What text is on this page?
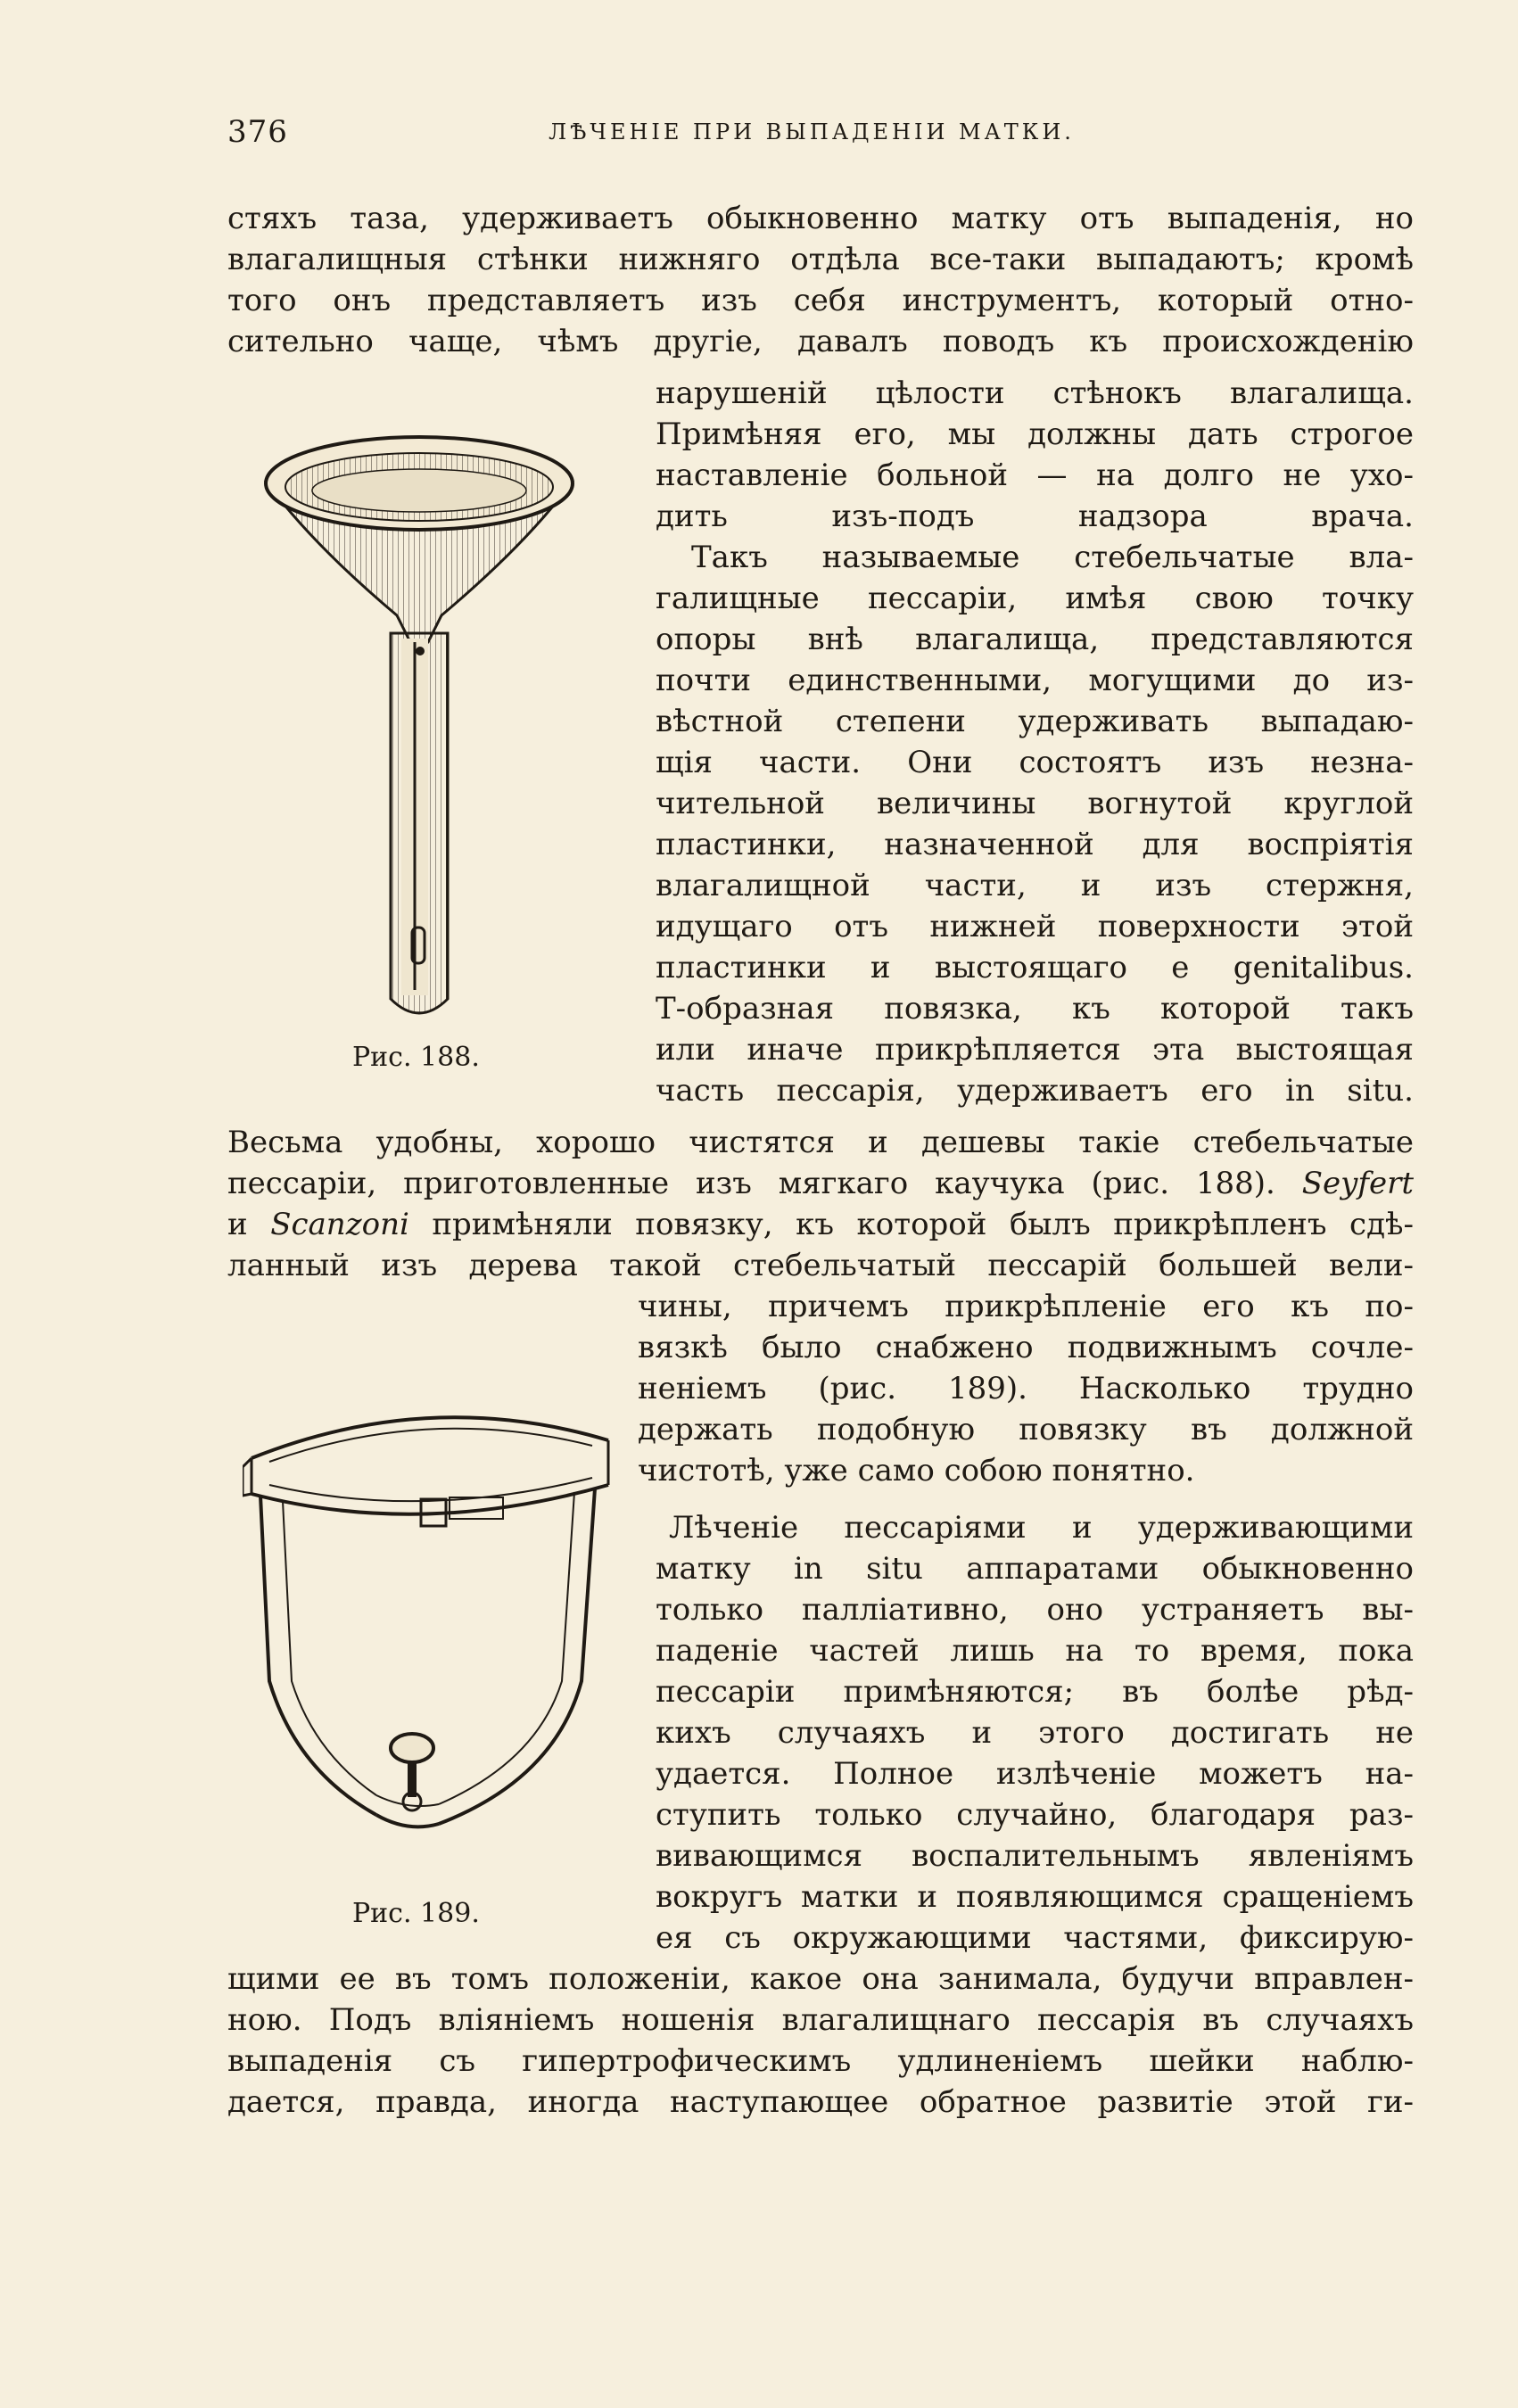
376	ЛѢЧЕНІЕ ПРИ ВЫПАДЕНІИ МАТКИ.
стяхъ таза, удерживаетъ обыкновенно матку отъ выпаденія, но
влагалищныя стѣнки нижняго отдѣла все-таки выпадаютъ; кромѣ
того онъ представляетъ изъ себя инструментъ, который отно-
сительно чаще, чѣмъ другіе, давалъ поводъ къ происхожденію
Рис. 188.
нарушеній цѣлости стѣнокъ влагалища.
Примѣняя его, мы должны дать строгое
наставленіе больной — на долго не ухо-
дить изъ-подъ надзора врача.
Такъ называемые стебельчатые вла-
галищные пессаріи, имѣя свою точку
опоры внѣ влагалища, представляются
почти единственными, могущими до из-
вѣстной степени удерживать выпадаю-
щія части. Они состоятъ изъ незна-
чительной величины вогнутой круглой
пластинки, назначенной для воспріятія
влагалищной части, и изъ стержня,
идущаго отъ нижней поверхности этой
пластинки и выстоящаго е genitalibus.
Т-образная повязка, къ которой такъ
или иначе прикрѣпляется эта выстоящая
часть пессарія, удерживаетъ его in situ.
Весьма удобны, хорошо чистятся и дешевы такіе стебельчатые
пессаріи, приготовленные изъ мягкаго каучука (рис. 188). Seyfert
и Scanzoni примѣняли повязку, къ которой былъ прикрѣпленъ сдѣ-
ланный изъ дерева такой стебельчатый пессарій большей вели-
Рис. 189.
чины, причемъ прикрѣпленіе его къ по-
вязкѣ было снабжено подвижнымъ сочле-
неніемъ (рис. 189). Насколько трудно
держать подобную повязку въ должной
чистотѣ, уже само собою понятно.
Лѣченіе пессаріями и удерживающими
матку in situ аппаратами обыкновенно
только палліативно, оно устраняетъ вы-
паденіе частей лишь на то время, пока
пессаріи примѣняются; въ болѣе рѣд-
кихъ случаяхъ и этого достигать не
удается. Полное излѣченіе можетъ на-
ступить только случайно, благодаря раз-
вивающимся воспалительнымъ явленіямъ
вокругъ матки и появляющимся сращеніемъ
ея съ окружающими частями, фиксирую-
щими ее въ томъ положеніи, какое она занимала, будучи вправлен-
ною. Подъ вліяніемъ ношенія влагалищнаго пессарія въ случаяхъ
выпаденія съ гипертрофическимъ удлиненіемъ шейки наблю-
дается, правда, иногда наступающее обратное развитіе этой ги-
